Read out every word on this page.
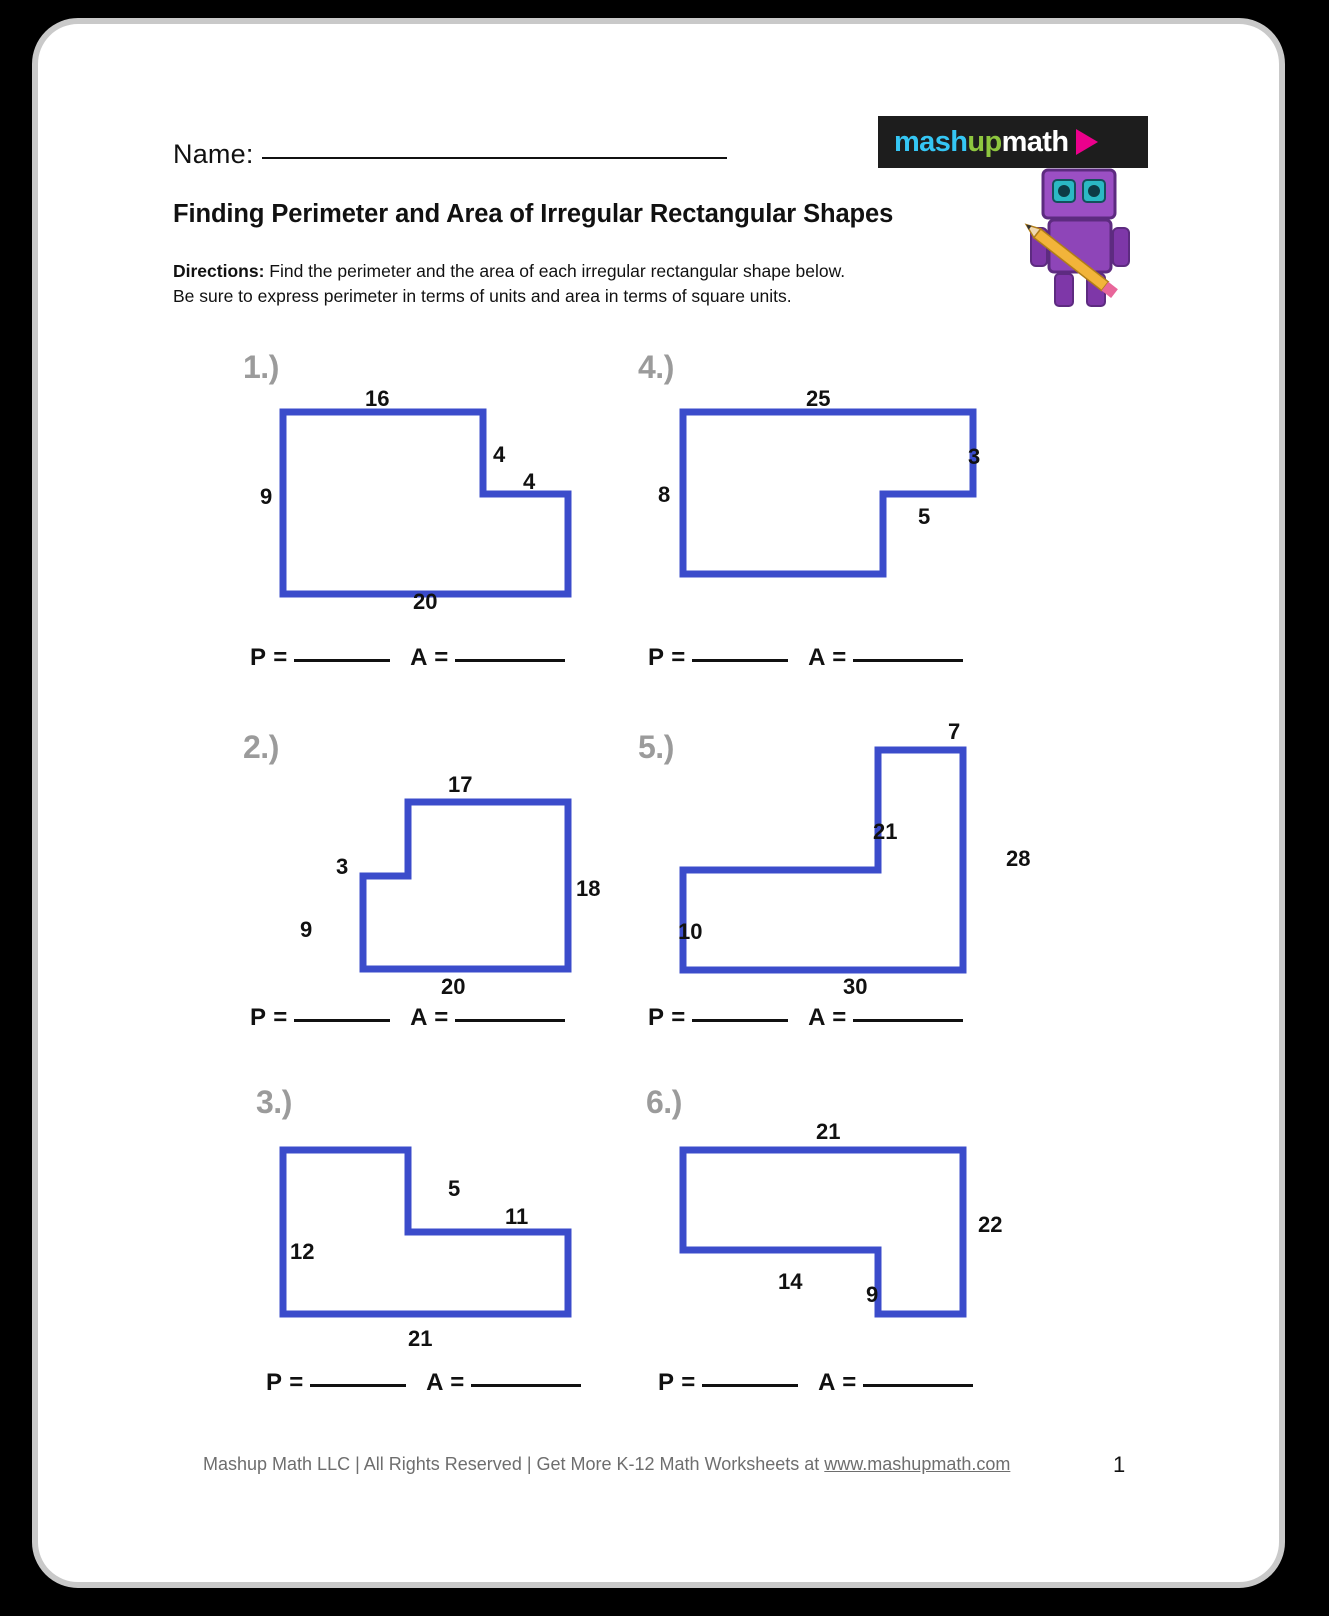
Name:
Finding Perimeter and Area of Irregular Rectangular Shapes
Directions: Find the perimeter and the area of each irregular rectangular shape below.
Be sure to express perimeter in terms of units and area in terms of square units.
mashupmath
1.)
16
4
4
9
20
P =	A =
2.)
17
3
9
18
20
P =	A =
3.)
5
11
12
21
P =	A =
4.)
25
3
5
8
P =	A =
5.)	7
21
28
10
30
P =	A =
6.)
21
22
14
9
P =	A =
Mashup Math LLC | All Rights Reserved | Get More K-12 Math Worksheets at www.mashupmath.com	1
